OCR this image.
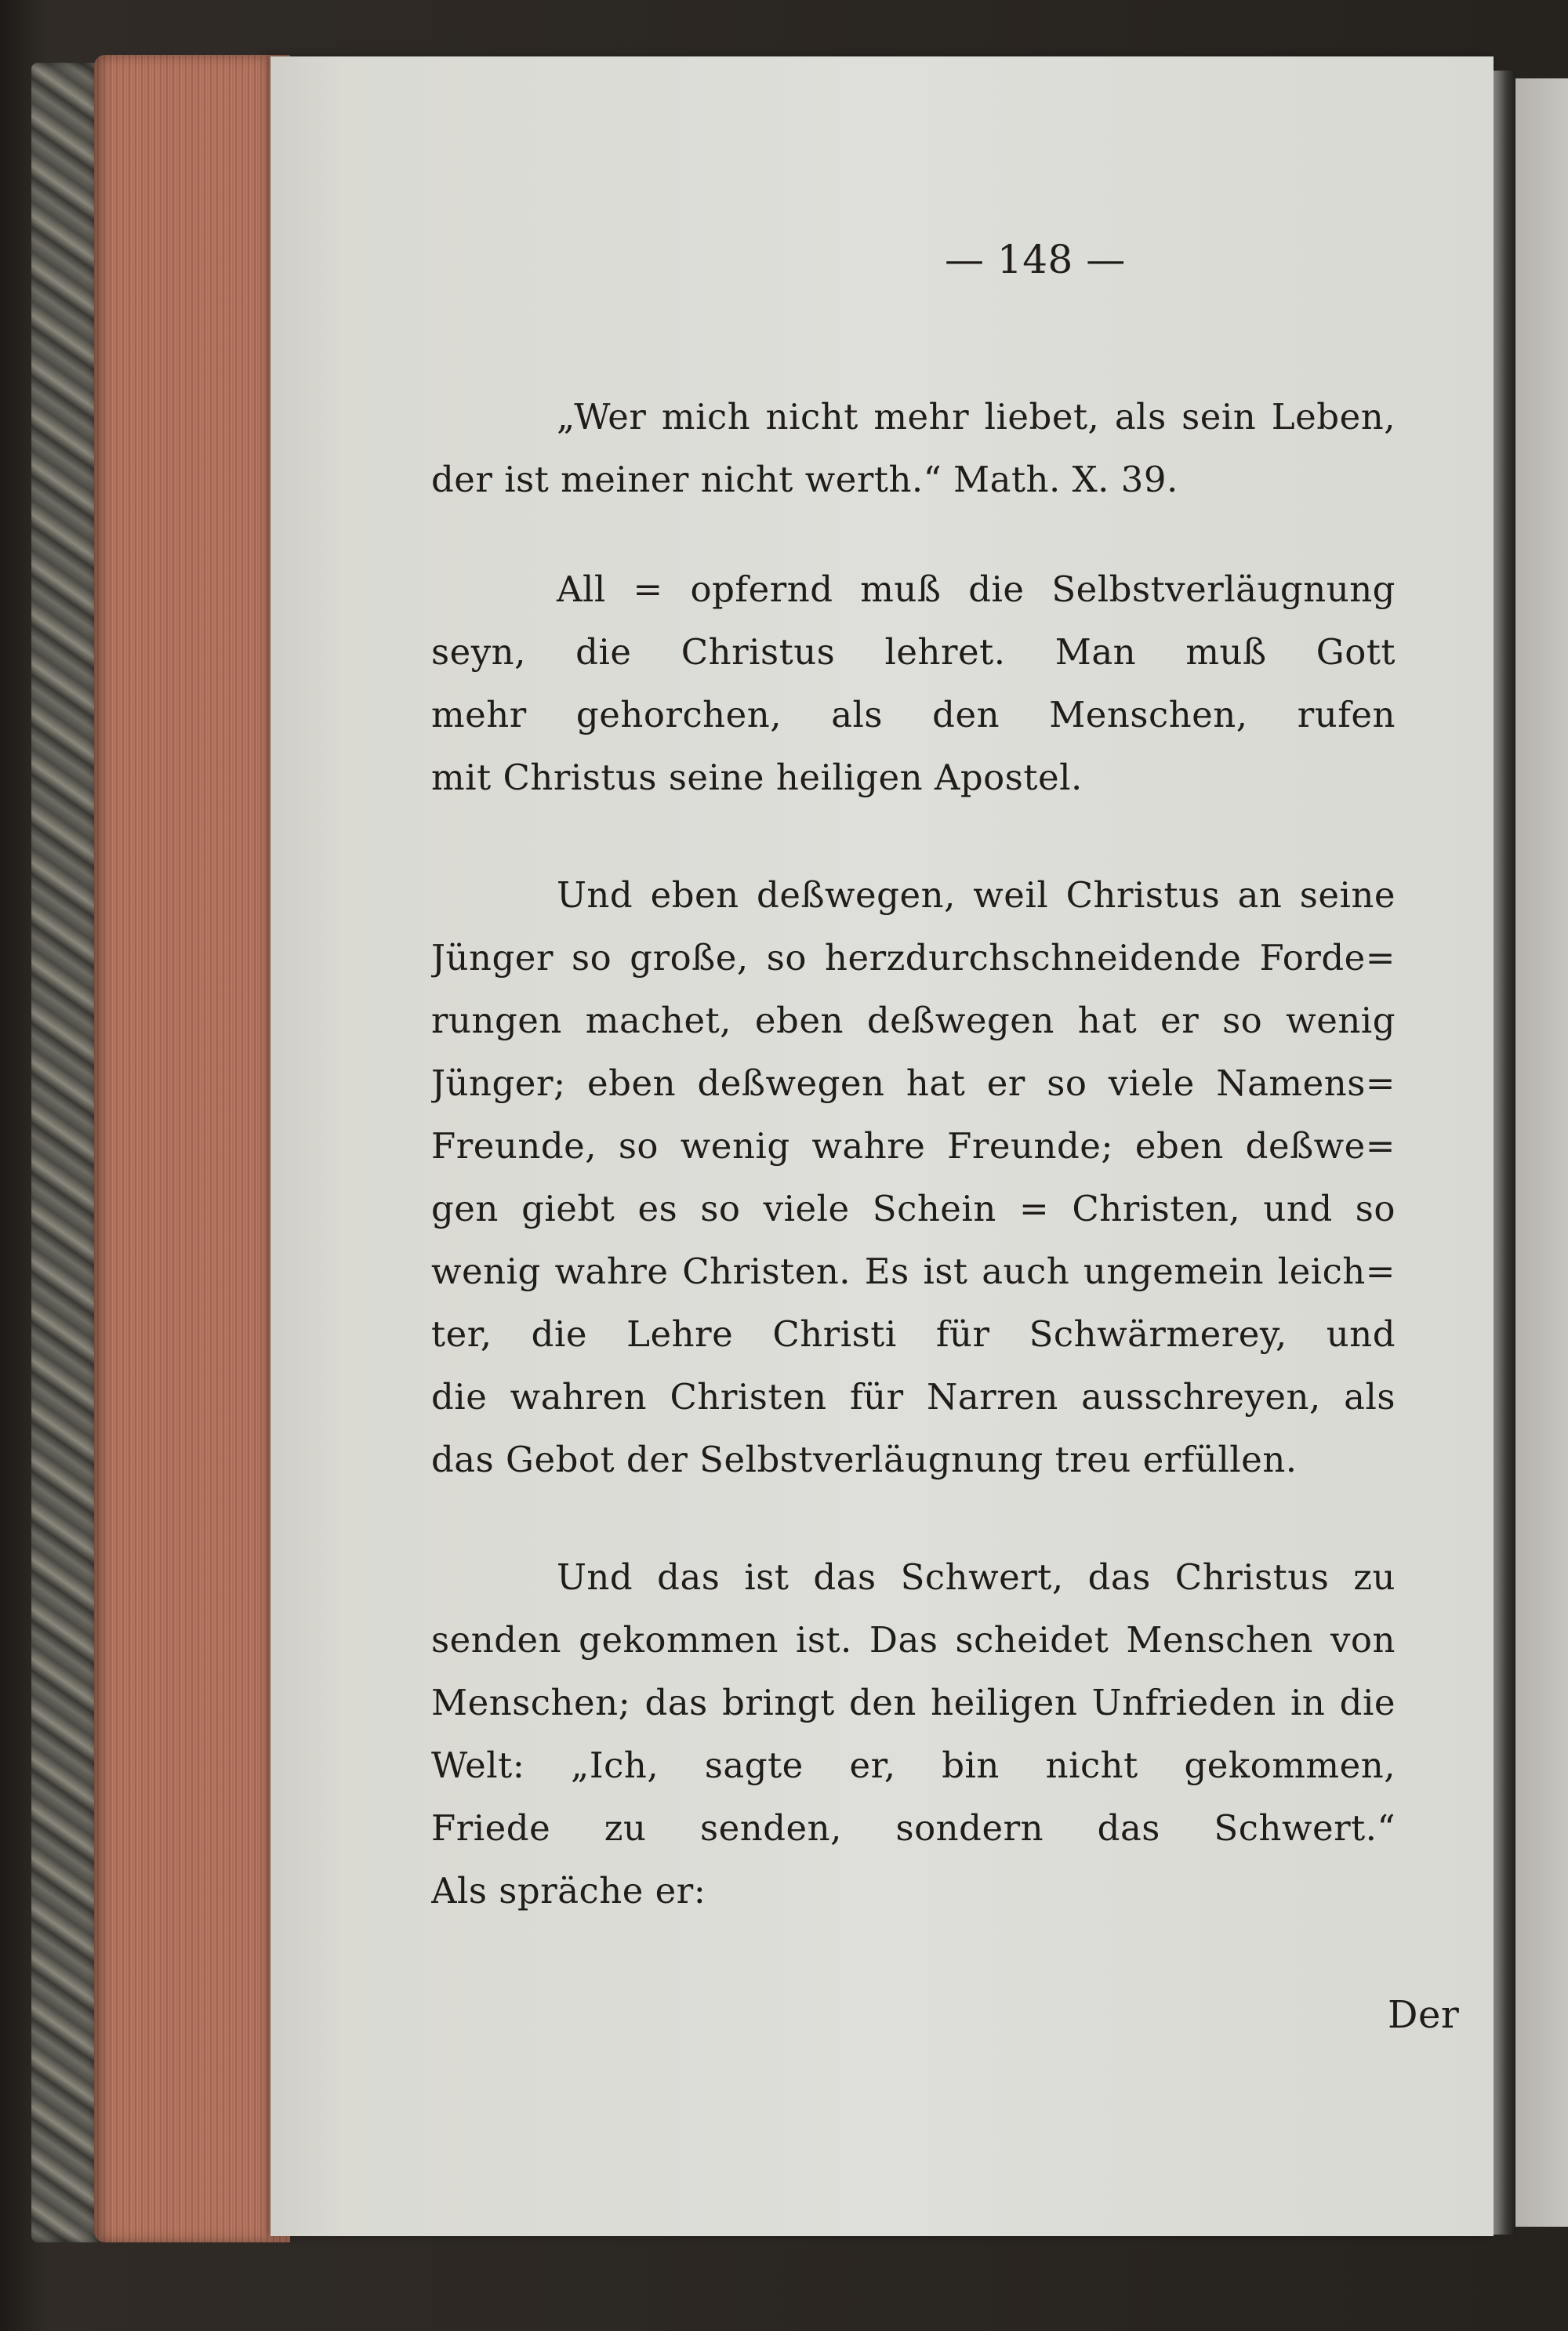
— 148 —
„Wer mich nicht mehr liebet, als sein Leben,
der ist meiner nicht werth.“ Math. X. 39.
All = opfernd muß die Selbstverläugnung
seyn, die Christus lehret. Man muß Gott
mehr gehorchen, als den Menschen, rufen
mit Christus seine heiligen Apostel.
Und eben deßwegen, weil Christus an seine
Jünger so große, so herzdurchschneidende Forde=
rungen machet, eben deßwegen hat er so wenig
Jünger; eben deßwegen hat er so viele Namens=
Freunde, so wenig wahre Freunde; eben deßwe=
gen giebt es so viele Schein = Christen, und so
wenig wahre Christen. Es ist auch ungemein leich=
ter, die Lehre Christi für Schwärmerey, und
die wahren Christen für Narren ausschreyen, als
das Gebot der Selbstverläugnung treu erfüllen.
Und das ist das Schwert, das Christus zu
senden gekommen ist. Das scheidet Menschen von
Menschen; das bringt den heiligen Unfrieden in die
Welt: „Ich, sagte er, bin nicht gekommen,
Friede zu senden, sondern das Schwert.“
Als spräche er:
Der
